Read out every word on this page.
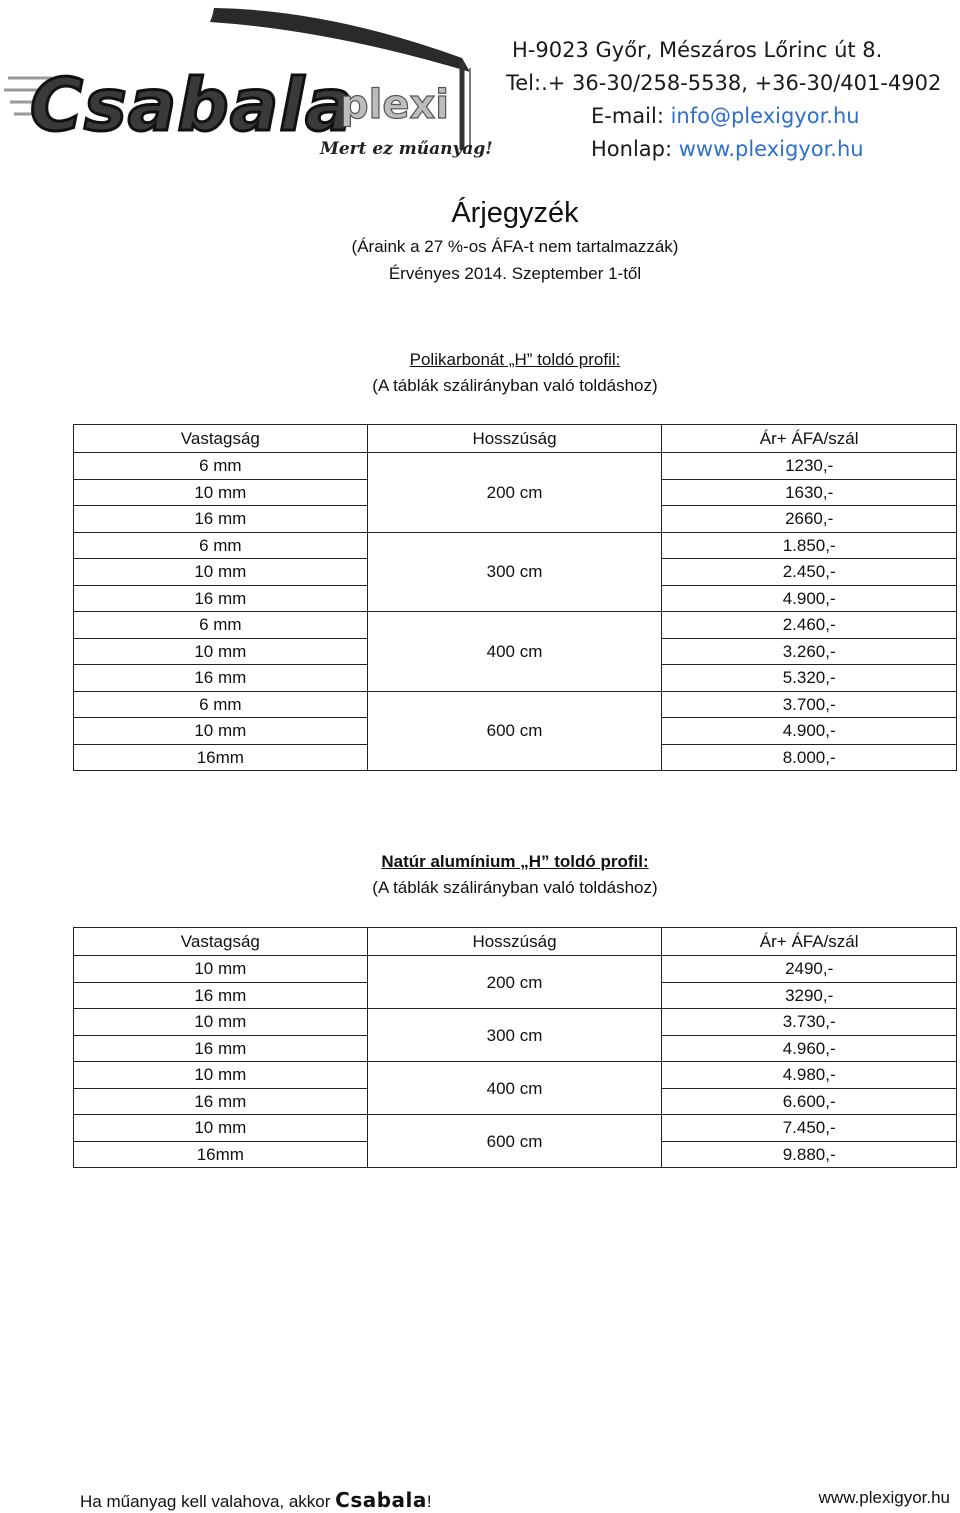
Csabala
plexi
Mert ez műanyag!
H-9023 Győr, Mészáros Lőrinc út 8.
Tel:.+ 36-30/258-5538, +36-30/401-4902
E-mail: info@plexigyor.hu
Honlap: www.plexigyor.hu
Árjegyzék
(Áraink a 27 %-os ÁFA-t nem tartalmazzák)
Érvényes 2014. Szeptember 1-től
Polikarbonát „H” toldó profil:
(A táblák szálirányban való toldáshoz)
Vastagság	Hosszúság	Ár+ ÁFA/szál
6 mm	200 cm	1230,-
10 mm		1630,-
16 mm		2660,-
6 mm	300 cm	1.850,-
10 mm		2.450,-
16 mm		4.900,-
6 mm	400 cm	2.460,-
10 mm		3.260,-
16 mm		5.320,-
6 mm	600 cm	3.700,-
10 mm		4.900,-
16mm		8.000,-
Natúr alumínium „H” toldó profil:
(A táblák szálirányban való toldáshoz)
Vastagság	Hosszúság	Ár+ ÁFA/szál
10 mm	200 cm	2490,-
16 mm		3290,-
10 mm	300 cm	3.730,-
16 mm		4.960,-
10 mm	400 cm	4.980,-
16 mm		6.600,-
10 mm	600 cm	7.450,-
16mm		9.880,-
Ha műanyag kell valahova, akkor Csabala!	www.plexigyor.hu
